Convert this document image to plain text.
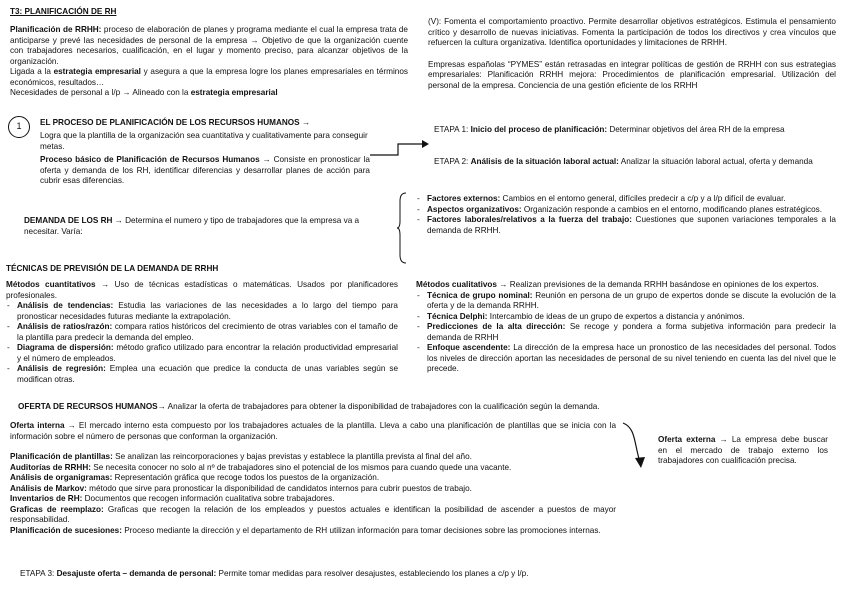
T3: PLANIFICACIÓN DE RH
Planificación de RRHH: proceso de elaboración de planes y programa mediante el cual la empresa trata de anticiparse y prevé las necesidades de personal de la empresa → Objetivo de que la organización cuente con trabajadores necesarios, cualificación, en el lugar y momento preciso, para alcanzar objetivos de la organización.
Ligada a la estrategia empresarial y asegura a que la empresa logre los planes empresariales en términos económicos, resultados…
Necesidades de personal a l/p → Alineado con la estrategia empresarial
(V): Fomenta el comportamiento proactivo. Permite desarrollar objetivos estratégicos. Estimula el pensamiento crítico y desarrollo de nuevas iniciativas. Fomenta la participación de todos los directivos y crea vínculos que refuercen la cultura organizativa. Identifica oportunidades y limitaciones de RRHH.
Empresas españolas “PYMES” están retrasadas en integrar políticas de gestión de RRHH con sus estrategias empresariales: Planificación RRHH mejora: Procedimientos de planificación empresarial. Utilización del personal de la empresa. Conciencia de una gestión eficiente de los RRHH
1	EL PROCESO DE PLANIFICACIÓN DE LOS RECURSOS HUMANOS →
Logra que la plantilla de la organización sea cuantitativa y cualitativamente para conseguir metas.
Proceso básico de Planificación de Recursos Humanos → Consiste en pronosticar la oferta y demanda de los RH, identificar diferencias y desarrollar planes de acción para cubrir esas diferencias.
ETAPA 1: Inicio del proceso de planificación: Determinar objetivos del área RH de la empresa
ETAPA 2: Análisis de la situación laboral actual: Analizar la situación laboral actual, oferta y demanda
DEMANDA DE LOS RH → Determina el numero y tipo de trabajadores que la empresa va a necesitar. Varía:
- Factores externos: Cambios en el entorno general, difíciles predecir a c/p y a l/p difícil de evaluar.
- Aspectos organizativos: Organización responde a cambios en el entorno, modificando planes estratégicos.
- Factores laborales/relativos a la fuerza del trabajo: Cuestiones que suponen variaciones temporales a la demanda de RRHH.
TÉCNICAS DE PREVISIÓN DE LA DEMANDA DE RRHH
Métodos cuantitativos → Uso de técnicas estadísticas o matemáticas. Usados por planificadores profesionales.
- Análisis de tendencias: Estudia las variaciones de las necesidades a lo largo del tiempo para pronosticar necesidades futuras mediante la extrapolación.
- Análisis de ratios/razón: compara ratios históricos del crecimiento de otras variables con el tamaño de la plantilla para predecir la demanda del empleo.
- Diagrama de dispersión: método grafico utilizado para encontrar la relación productividad empresarial y el número de empleados.
- Análisis de regresión: Emplea una ecuación que predice la conducta de unas variables según se modifican otras.
Métodos cualitativos → Realizan previsiones de la demanda RRHH basándose en opiniones de los expertos.
- Técnica de grupo nominal: Reunión en persona de un grupo de expertos donde se discute la evolución de la oferta y de la demanda RRHH.
- Técnica Delphi: Intercambio de ideas de un grupo de expertos a distancia y anónimos.
- Predicciones de la alta dirección: Se recoge y pondera a forma subjetiva información para predecir la demanda de RRHH
- Enfoque ascendente: La dirección de la empresa hace un pronostico de las necesidades del personal. Todos los niveles de dirección aportan las necesidades de personal de su nivel teniendo en cuenta las del nivel que le precede.
OFERTA DE RECURSOS HUMANOS→ Analizar la oferta de trabajadores para obtener la disponibilidad de trabajadores con la cualificación según la demanda.
Oferta interna → El mercado interno esta compuesto por los trabajadores actuales de la plantilla. Lleva a cabo una planificación de plantillas que se inicia con la información sobre el número de personas que conforman la organización.	Oferta externa → La empresa debe buscar en el mercado de trabajo externo los trabajadores con cualificación precisa.
Planificación de plantillas: Se analizan las reincorporaciones y bajas previstas y establece la plantilla prevista al final del año.
Auditorías de RRHH: Se necesita conocer no solo al nº de trabajadores sino el potencial de los mismos para cuando quede una vacante.
Análisis de organigramas: Representación gráfica que recoge todos los puestos de la organización.
Análisis de Markov: método que sirve para pronosticar la disponibilidad de candidatos internos para cubrir puestos de trabajo.
Inventarios de RH: Documentos que recogen información cualitativa sobre trabajadores.
Graficas de reemplazo: Graficas que recogen la relación de los empleados y puestos actuales e identifican la posibilidad de ascender a puestos de mayor responsabilidad.
Planificación de sucesiones: Proceso mediante la dirección y el departamento de RH utilizan información para tomar decisiones sobre las promociones internas.
ETAPA 3: Desajuste oferta – demanda de personal: Permite tomar medidas para resolver desajustes, estableciendo los planes a c/p y l/p.
